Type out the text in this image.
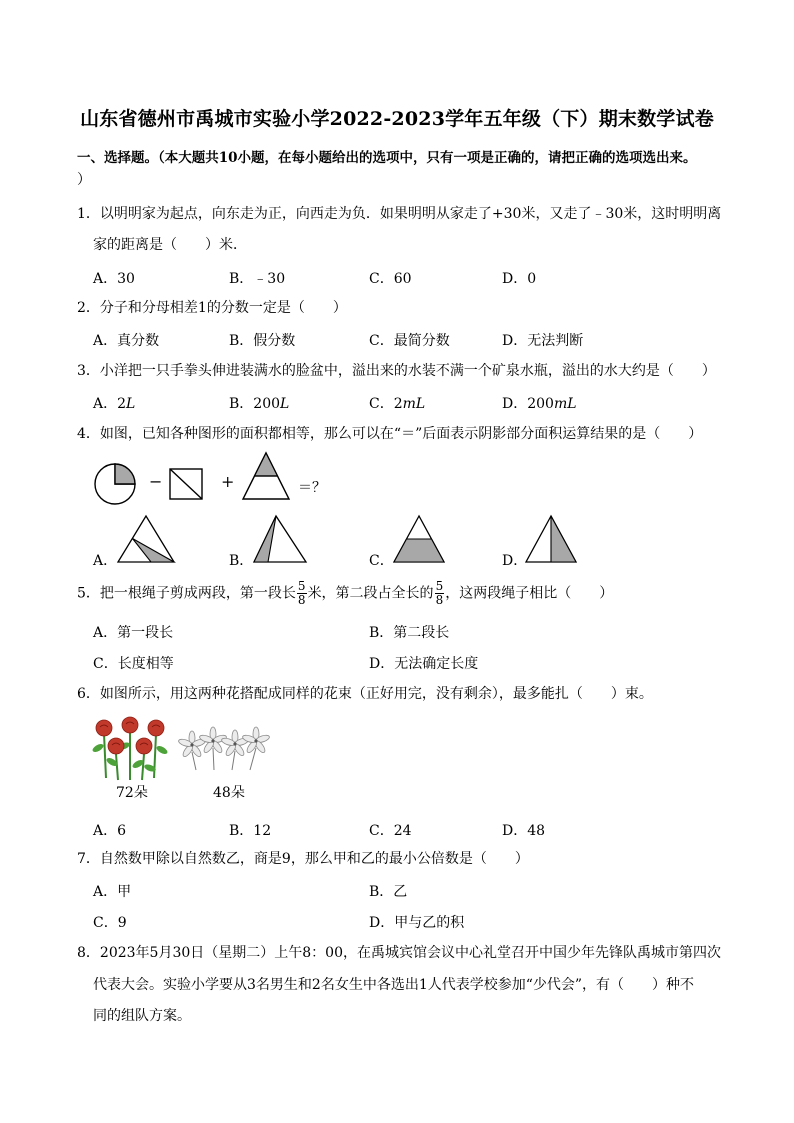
山东省德州市禹城市实验小学2022-2023学年五年级（下）期末数学试卷
一、选择题。（本大题共10小题，在每小题给出的选项中，只有一项是正确的，请把正确的选项选出来。
）
1．以明明家为起点，向东走为正，向西走为负．如果明明从家走了+30米，又走了﹣30米，这时明明离
家的距离是（　　）米．
A．30	B．﹣30	C．60	D．0
2．分子和分母相差1的分数一定是（　　）
A．真分数	B．假分数	C．最简分数	D．无法判断
3．小洋把一只手拳头伸进装满水的脸盆中，溢出来的水装不满一个矿泉水瓶，溢出的水大约是（　　）
A．2L	B．200L	C．2mL	D．200mL
4．如图，已知各种图形的面积都相等，那么可以在“＝”后面表示阴影部分面积运算结果的是（　　）
−	+	＝？
A．	B．	C．	D．
5．把一根绳子剪成两段，第一段长 $\frac{5}{8}$ 米，第二段占全长的 $\frac{5}{8}$ ，这两段绳子相比（　　）
A．第一段长	B．第二段长
C．长度相等	D．无法确定长度
6．如图所示，用这两种花搭配成同样的花束（正好用完，没有剩余），最多能扎（　　）束。
72朵	48朵
A．6	B．12	C．24	D．48
7．自然数甲除以自然数乙，商是9，那么甲和乙的最小公倍数是（　　）
A．甲	B．乙
C．9	D．甲与乙的积
8．2023年5月30日（星期二）上午8：00，在禹城宾馆会议中心礼堂召开中国少年先锋队禹城市第四次
代表大会。实验小学要从3名男生和2名女生中各选出1人代表学校参加“少代会”，有（　　）种不
同的组队方案。
